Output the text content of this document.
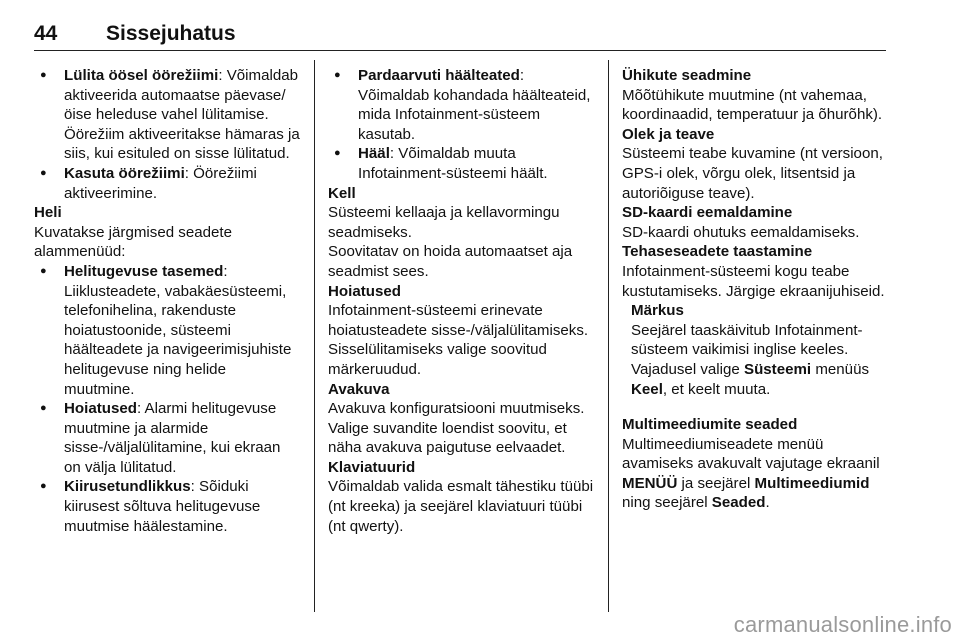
44 Sissejuhatus

● Lülita öösel öörežiimi: Võimaldab aktiveerida automaatse päevase/öise heleduse vahel lülitamise.

Öörežiim aktiveeritakse hämaras ja siis, kui esituled on sisse lülitatud.

● Kasuta öörežiimi: Öörežiimi aktiveerimine.

Heli

Kuvatakse järgmised seadete alammenüüd:

● Helitugevuse tasemed: Liiklusteadete, vabakäesüsteemi, telefonihelina, rakenduste hoiatustoonide, süsteemi häälteadete ja navigeerimisjuhiste helitugevuse ning helide muutmine.

● Hoiatused: Alarmi helitugevuse muutmine ja alarmide sisse-/väljalülitamine, kui ekraan on välja lülitatud.

● Kiirusetundlikkus: Sõiduki kiirusest sõltuva helitugevuse muutmise häälestamine.

● Pardaarvuti häälteated: Võimaldab kohandada häälteateid, mida Infotainment-süsteem kasutab.

● Hääl: Võimaldab muuta Infotainment-süsteemi häält.

Kell

Süsteemi kellaaja ja kellavormingu seadmiseks.

Soovitatav on hoida automaatset aja seadmist sees.

Hoiatused

Infotainment-süsteemi erinevate hoiatusteadete sisse-/väljalülitamiseks. Sisselülitamiseks valige soovitud märkeruudud.

Avakuva

Avakuva konfiguratsiooni muutmiseks.

Valige suvandite loendist soovitu, et näha avakuva paigutuse eelvaadet.

Klaviatuurid

Võimaldab valida esmalt tähestiku tüübi (nt kreeka) ja seejärel klaviatuuri tüübi (nt qwerty).

Ühikute seadmine

Mõõtühikute muutmine (nt vahemaa, koordinaadid, temperatuur ja õhurõhk).

Olek ja teave

Süsteemi teabe kuvamine (nt versioon, GPS-i olek, võrgu olek, litsentsid ja autoriõiguse teave).

SD-kaardi eemaldamine

SD-kaardi ohutuks eemaldamiseks.

Tehaseseadete taastamine

Infotainment-süsteemi kogu teabe kustutamiseks. Järgige ekraanijuhiseid.

Märkus

Seejärel taaskäivitub Infotainment-süsteem vaikimisi inglise keeles. Vajadusel valige Süsteemi menüüs Keel, et keelt muuta.

Multimeediumite seaded

Multimeediumiseadete menüü avamiseks avakuvalt vajutage ekraanil MENÜÜ ja seejärel Multimeediumid ning seejärel Seaded.

carmanualsonline.info
